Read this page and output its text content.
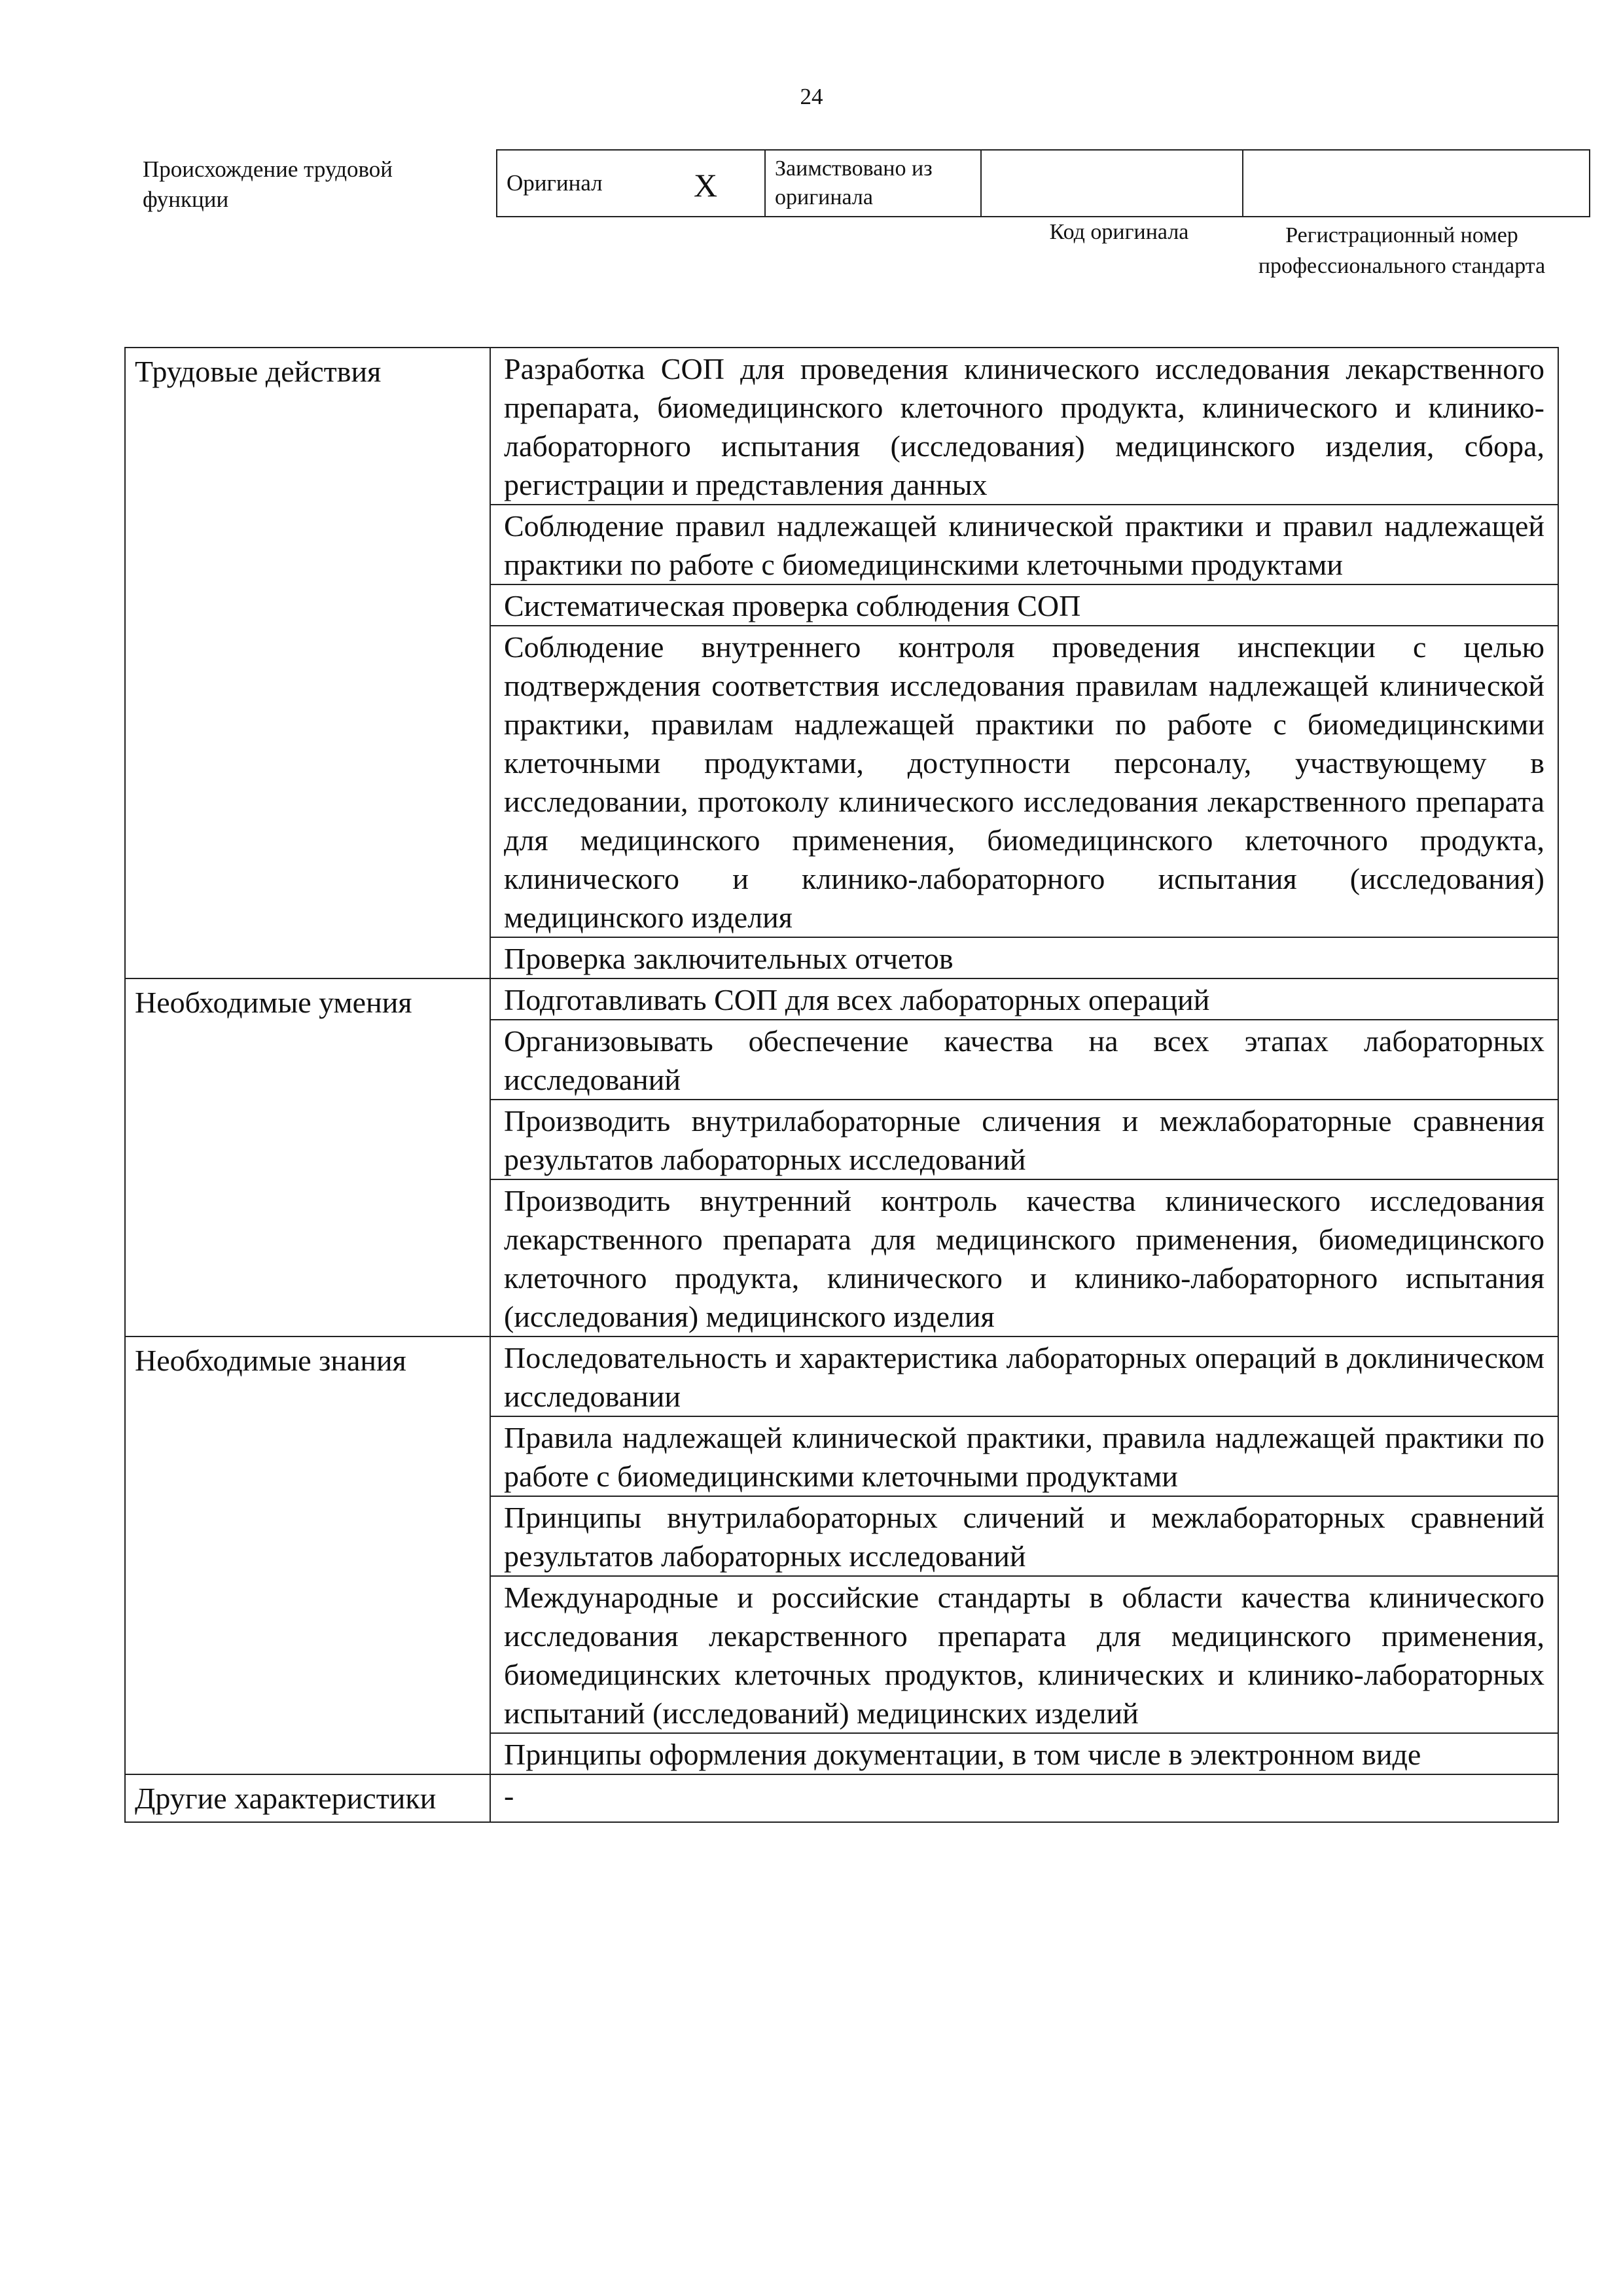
24
Происхождение трудовой функции
Оригинал	X	Заимствовано из оригинала		
Код оригинала	Регистрационный номер профессионального стандарта
Трудовые действия	Разработка СОП для проведения клинического исследования лекарственного препарата, биомедицинского клеточного продукта, клинического и клинико-лабораторного испытания (исследования) медицинского изделия, сбора, регистрации и представления данных
	Соблюдение правил надлежащей клинической практики и правил надлежащей практики по работе с биомедицинскими клеточными продуктами
	Систематическая проверка соблюдения СОП
	Соблюдение внутреннего контроля проведения инспекции с целью подтверждения соответствия исследования правилам надлежащей клинической практики, правилам надлежащей практики по работе с биомедицинскими клеточными продуктами, доступности персоналу, участвующему в исследовании, протоколу клинического исследования лекарственного препарата для медицинского применения, биомедицинского клеточного продукта, клинического и клинико-лабораторного испытания (исследования) медицинского изделия
	Проверка заключительных отчетов
Необходимые умения	Подготавливать СОП для всех лабораторных операций
	Организовывать обеспечение качества на всех этапах лабораторных исследований
	Производить внутрилабораторные сличения и межлабораторные сравнения результатов лабораторных исследований
	Производить внутренний контроль качества клинического исследования лекарственного препарата для медицинского применения, биомедицинского клеточного продукта, клинического и клинико-лабораторного испытания (исследования) медицинского изделия
Необходимые знания	Последовательность и характеристика лабораторных операций в доклиническом исследовании
	Правила надлежащей клинической практики, правила надлежащей практики по работе с биомедицинскими клеточными продуктами
	Принципы внутрилабораторных сличений и межлабораторных сравнений результатов лабораторных исследований
	Международные и российские стандарты в области качества клинического исследования лекарственного препарата для медицинского применения, биомедицинских клеточных продуктов, клинических и клинико-лабораторных испытаний (исследований) медицинских изделий
	Принципы оформления документации, в том числе в электронном виде
Другие характеристики	-
